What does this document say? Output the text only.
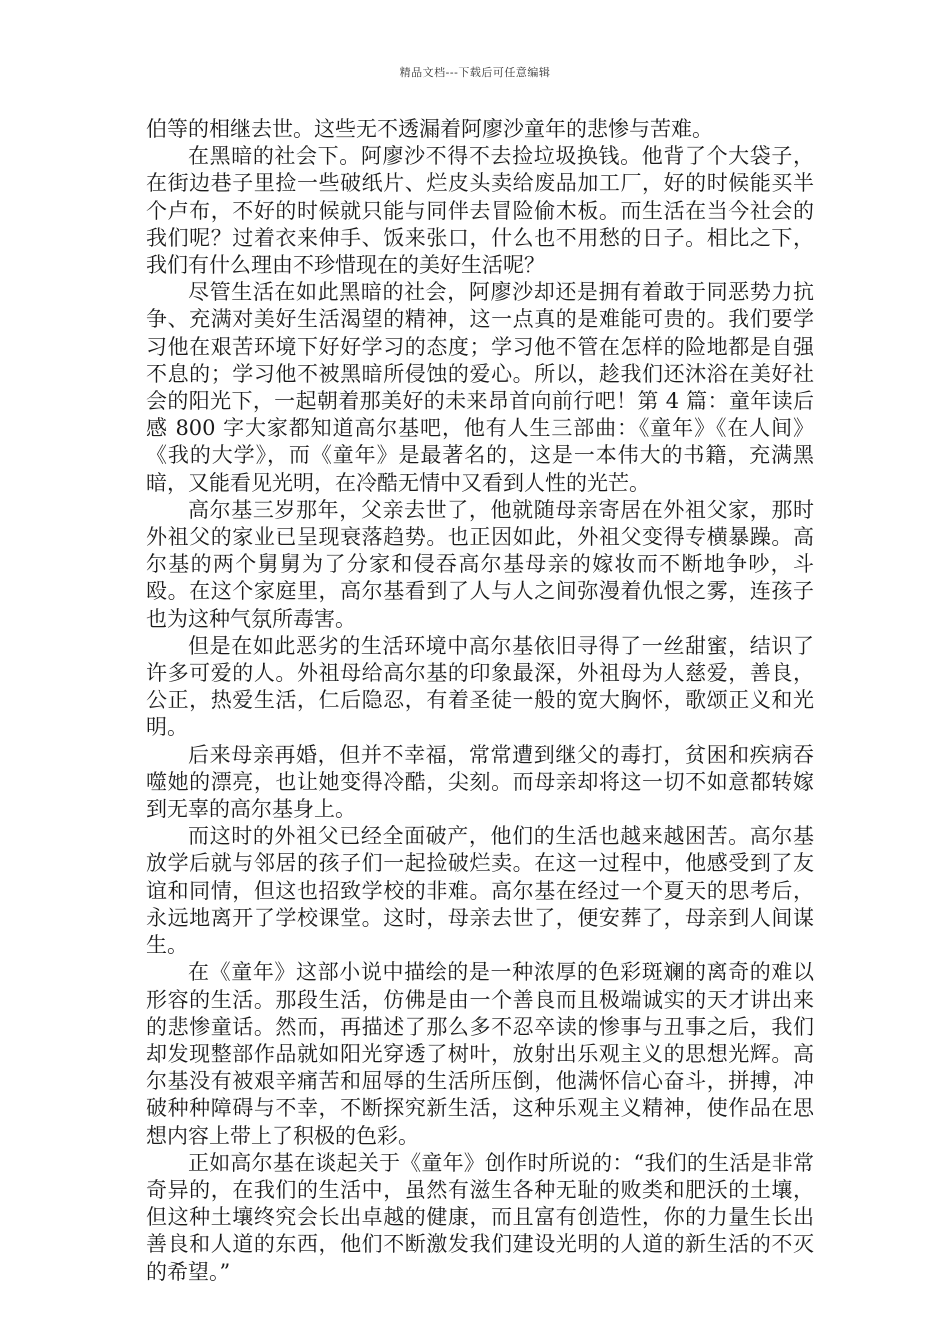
精品文档---下载后可任意编辑

伯等的相继去世。这些无不透漏着阿廖沙童年的悲惨与苦难。

在黑暗的社会下。阿廖沙不得不去捡垃圾换钱。他背了个大袋子，在街边巷子里捡一些破纸片、烂皮头卖给废品加工厂，好的时候能买半个卢布，不好的时候就只能与同伴去冒险偷木板。而生活在当今社会的我们呢？过着衣来伸手、饭来张口，什么也不用愁的日子。相比之下，我们有什么理由不珍惜现在的美好生活呢？

尽管生活在如此黑暗的社会，阿廖沙却还是拥有着敢于同恶势力抗争、充满对美好生活渴望的精神，这一点真的是难能可贵的。我们要学习他在艰苦环境下好好学习的态度；学习他不管在怎样的险地都是自强不息的；学习他不被黑暗所侵蚀的爱心。所以，趁我们还沐浴在美好社会的阳光下，一起朝着那美好的未来昂首向前行吧！第 4 篇：童年读后感 800 字大家都知道高尔基吧，他有人生三部曲：《童年》《在人间》《我的大学》，而《童年》是最著名的，这是一本伟大的书籍，充满黑暗，又能看见光明，在冷酷无情中又看到人性的光芒。

高尔基三岁那年，父亲去世了，他就随母亲寄居在外祖父家，那时外祖父的家业已呈现衰落趋势。也正因如此，外祖父变得专横暴躁。高尔基的两个舅舅为了分家和侵吞高尔基母亲的嫁妆而不断地争吵，斗殴。在这个家庭里，高尔基看到了人与人之间弥漫着仇恨之雾，连孩子也为这种气氛所毒害。

但是在如此恶劣的生活环境中高尔基依旧寻得了一丝甜蜜，结识了许多可爱的人。外祖母给高尔基的印象最深，外祖母为人慈爱，善良，公正，热爱生活，仁后隐忍，有着圣徒一般的宽大胸怀，歌颂正义和光明。

后来母亲再婚，但并不幸福，常常遭到继父的毒打，贫困和疾病吞噬她的漂亮，也让她变得冷酷，尖刻。而母亲却将这一切不如意都转嫁到无辜的高尔基身上。

而这时的外祖父已经全面破产，他们的生活也越来越困苦。高尔基放学后就与邻居的孩子们一起捡破烂卖。在这一过程中，他感受到了友谊和同情，但这也招致学校的非难。高尔基在经过一个夏天的思考后，永远地离开了学校课堂。这时，母亲去世了，便安葬了，母亲到人间谋生。

在《童年》这部小说中描绘的是一种浓厚的色彩斑斓的离奇的难以形容的生活。那段生活，仿佛是由一个善良而且极端诚实的天才讲出来的悲惨童话。然而，再描述了那么多不忍卒读的惨事与丑事之后，我们却发现整部作品就如阳光穿透了树叶，放射出乐观主义的思想光辉。高尔基没有被艰辛痛苦和屈辱的生活所压倒，他满怀信心奋斗，拼搏，冲破种种障碍与不幸，不断探究新生活，这种乐观主义精神，使作品在思想内容上带上了积极的色彩。

正如高尔基在谈起关于《童年》创作时所说的：“我们的生活是非常奇异的，在我们的生活中，虽然有滋生各种无耻的败类和肥沃的土壤，但这种土壤终究会长出卓越的健康，而且富有创造性，你的力量生长出善良和人道的东西，他们不断激发我们建设光明的人道的新生活的不灭的希望。”
